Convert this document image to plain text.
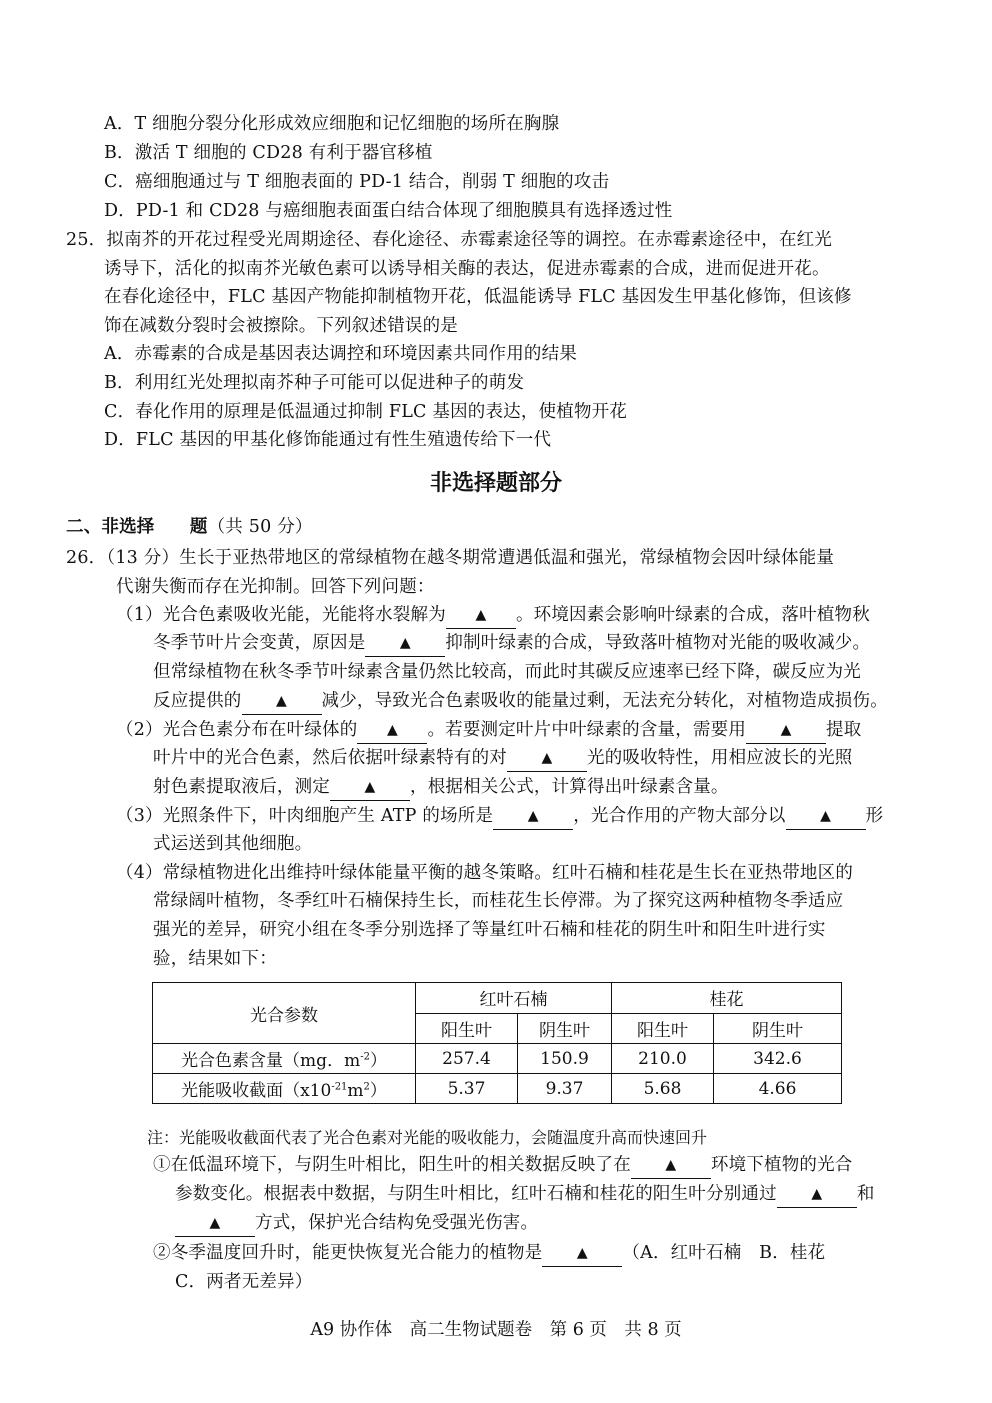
A．T 细胞分裂分化形成效应细胞和记忆细胞的场所在胸腺
B．激活 T 细胞的 CD28 有利于器官移植
C．癌细胞通过与 T 细胞表面的 PD-1 结合，削弱 T 细胞的攻击
D．PD-1 和 CD28 与癌细胞表面蛋白结合体现了细胞膜具有选择透过性
25．拟南芥的开花过程受光周期途径、春化途径、赤霉素途径等的调控。在赤霉素途径中，在红光
诱导下，活化的拟南芥光敏色素可以诱导相关酶的表达，促进赤霉素的合成，进而促进开花。
在春化途径中，FLC 基因产物能抑制植物开花，低温能诱导 FLC 基因发生甲基化修饰，但该修
饰在减数分裂时会被擦除。下列叙述错误的是
A．赤霉素的合成是基因表达调控和环境因素共同作用的结果
B．利用红光处理拟南芥种子可能可以促进种子的萌发
C．春化作用的原理是低温通过抑制 FLC 基因的表达，使植物开花
D．FLC 基因的甲基化修饰能通过有性生殖遗传给下一代
非选择题部分
二、非选择　　题（共 50 分）
26．（13 分）生长于亚热带地区的常绿植物在越冬期常遭遇低温和强光，常绿植物会因叶绿体能量
代谢失衡而存在光抑制。回答下列问题：
（1）光合色素吸收光能，光能将水裂解为 ▲ 。环境因素会影响叶绿素的合成，落叶植物秋
冬季节叶片会变黄，原因是 ▲ 抑制叶绿素的合成，导致落叶植物对光能的吸收减少。
但常绿植物在秋冬季节叶绿素含量仍然比较高，而此时其碳反应速率已经下降，碳反应为光
反应提供的 ▲ 减少，导致光合色素吸收的能量过剩，无法充分转化，对植物造成损伤。
（2）光合色素分布在叶绿体的 ▲ 。若要测定叶片中叶绿素的含量，需要用 ▲ 提取
叶片中的光合色素，然后依据叶绿素特有的对 ▲ 光的吸收特性，用相应波长的光照
射色素提取液后，测定 ▲ ，根据相关公式，计算得出叶绿素含量。
（3）光照条件下，叶肉细胞产生 ATP 的场所是 ▲ ，光合作用的产物大部分以 ▲ 形
式运送到其他细胞。
（4）常绿植物进化出维持叶绿体能量平衡的越冬策略。红叶石楠和桂花是生长在亚热带地区的
常绿阔叶植物，冬季红叶石楠保持生长，而桂花生长停滞。为了探究这两种植物冬季适应
强光的差异，研究小组在冬季分别选择了等量红叶石楠和桂花的阴生叶和阳生叶进行实
验，结果如下：
光合参数	红叶石楠		桂花	
	阳生叶	阴生叶	阳生叶	阴生叶
光合色素含量（mg．$m^{-2}$）	257.4	150.9	210.0	342.6
光能吸收截面$(x10^{-21}m^2)$	5.37	9.37	5.68	4.66
注：光能吸收截面代表了光合色素对光能的吸收能力，会随温度升高而快速回升
①在低温环境下，与阴生叶相比，阳生叶的相关数据反映了在 ▲ 环境下植物的光合
参数变化。根据表中数据，与阴生叶相比，红叶石楠和桂花的阳生叶分别通过 ▲ 和
▲ 方式，保护光合结构免受强光伤害。
②冬季温度回升时，能更快恢复光合能力的植物是 ▲ （A．红叶石楠　B．桂花
C．两者无差异）
A9 协作体　高二生物试题卷　第 6 页　共 8 页
